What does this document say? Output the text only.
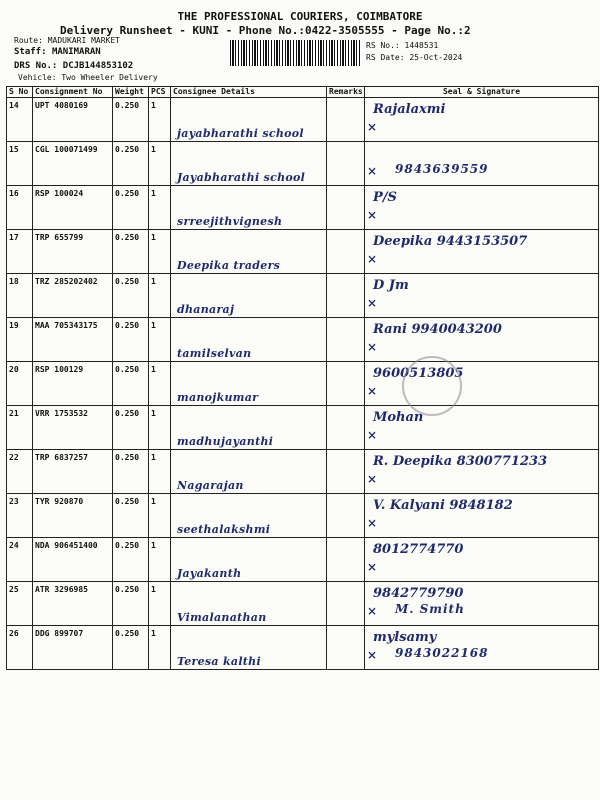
THE PROFESSIONAL COURIERS, COIMBATORE
Delivery Runsheet - KUNI - Phone No.:0422-3505555 - Page No.:2
Route: MADUKARI MARKET
Staff: MANIMARAN
DRS No.: DCJB144853102
Vehicle: Two Wheeler Delivery
RS No.: 1448531
RS Date: 25-Oct-2024
S No	Consignment No	Weight	PCS	Consignee Details	Remarks	Seal & Signature
14	UPT 4080169	0.250	1	jayabharathi school		×
Rajalaxmi

15	CGL 100071499	0.250	1	Jayabharathi school		× 9843639559

16	RSP 100024	0.250	1	srreejithvignesh		×
P/S

17	TRP 655799	0.250	1	Deepika traders		×
Deepika 9443153507

18	TRZ 285202402	0.250	1	dhanaraj		×
D Jm

19	MAA 705343175	0.250	1	tamilselvan		×
Rani 9940043200

20	RSP 100129	0.250	1	manojkumar		×
9600513805

21	VRR 1753532	0.250	1	madhujayanthi		×
Mohan

22	TRP 6837257	0.250	1	Nagarajan		×
R. Deepika 8300771233

23	TYR 920870	0.250	1	seethalakshmi		×
V. Kalyani 9848182

24	NDA 906451400	0.250	1	Jayakanth		×
8012774770

25	ATR 3296985	0.250	1	Vimalanathan		×
9842779790
M. Smith

26	DDG 899707	0.250	1	Teresa kalthi		×
mylsamy
9843022168
